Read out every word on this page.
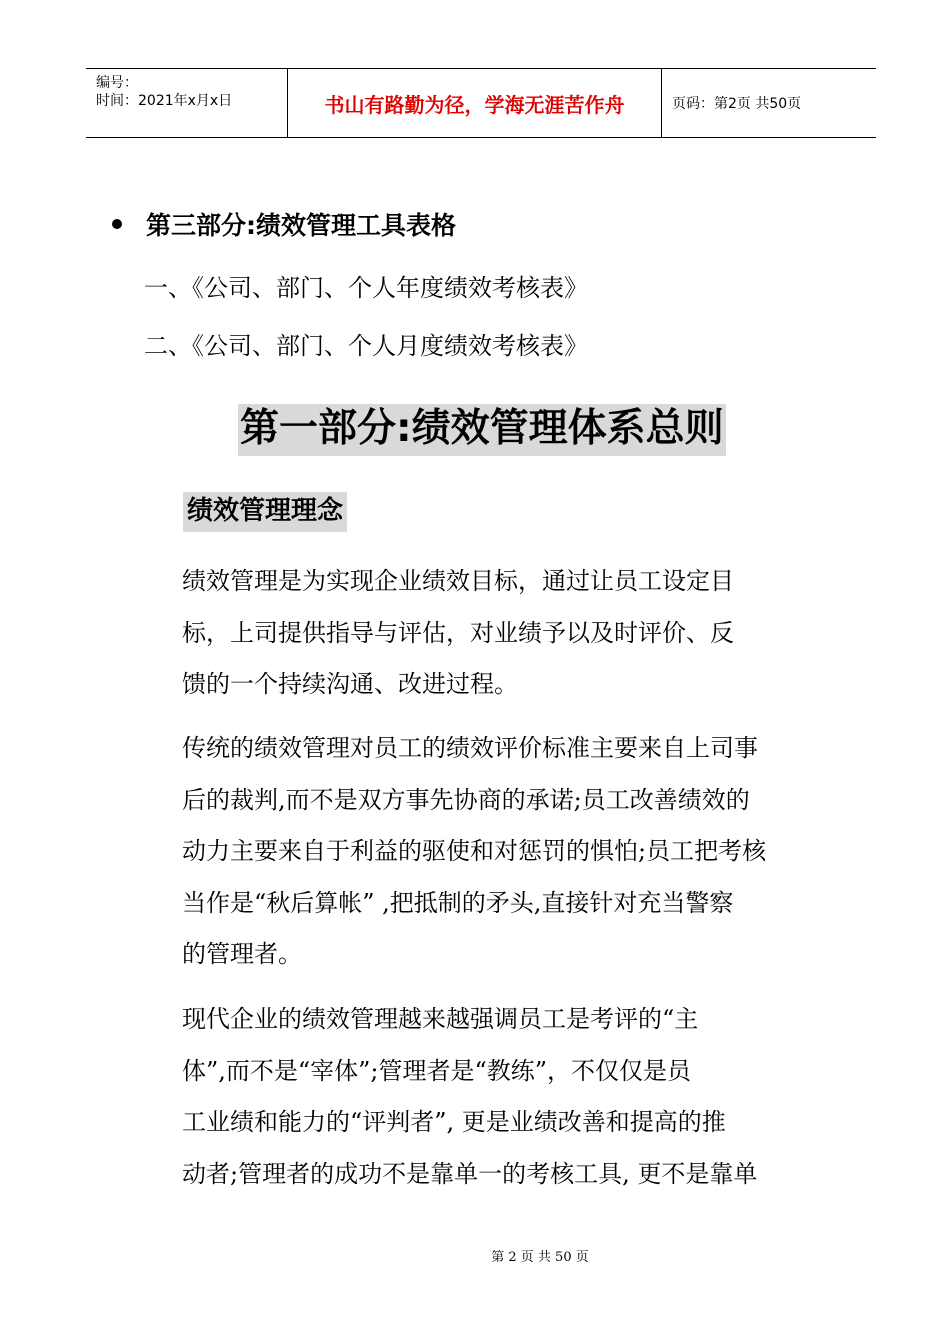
编号：
时间：2021年x月x日	书山有路勤为径，学海无涯苦作舟	页码：第2页 共50页
第三部分:绩效管理工具表格
一、《公司、部门、个人年度绩效考核表》
二、《公司、部门、个人月度绩效考核表》
第一部分:绩效管理体系总则
绩效管理理念
绩效管理是为实现企业绩效目标，通过让员工设定目
标，上司提供指导与评估，对业绩予以及时评价、反
馈的一个持续沟通、改进过程。
传统的绩效管理对员工的绩效评价标准主要来自上司事
后的裁判,而不是双方事先协商的承诺;员工改善绩效的
动力主要来自于利益的驱使和对惩罚的惧怕;员工把考核
当作是“秋后算帐” ,把抵制的矛头,直接针对充当警察
的管理者。
现代企业的绩效管理越来越强调员工是考评的“主
体”,而不是“宰体”;管理者是“教练”，不仅仅是员
工业绩和能力的“评判者”, 更是业绩改善和提高的推
动者;管理者的成功不是靠单一的考核工具, 更不是靠单
第 2 页 共 50 页
